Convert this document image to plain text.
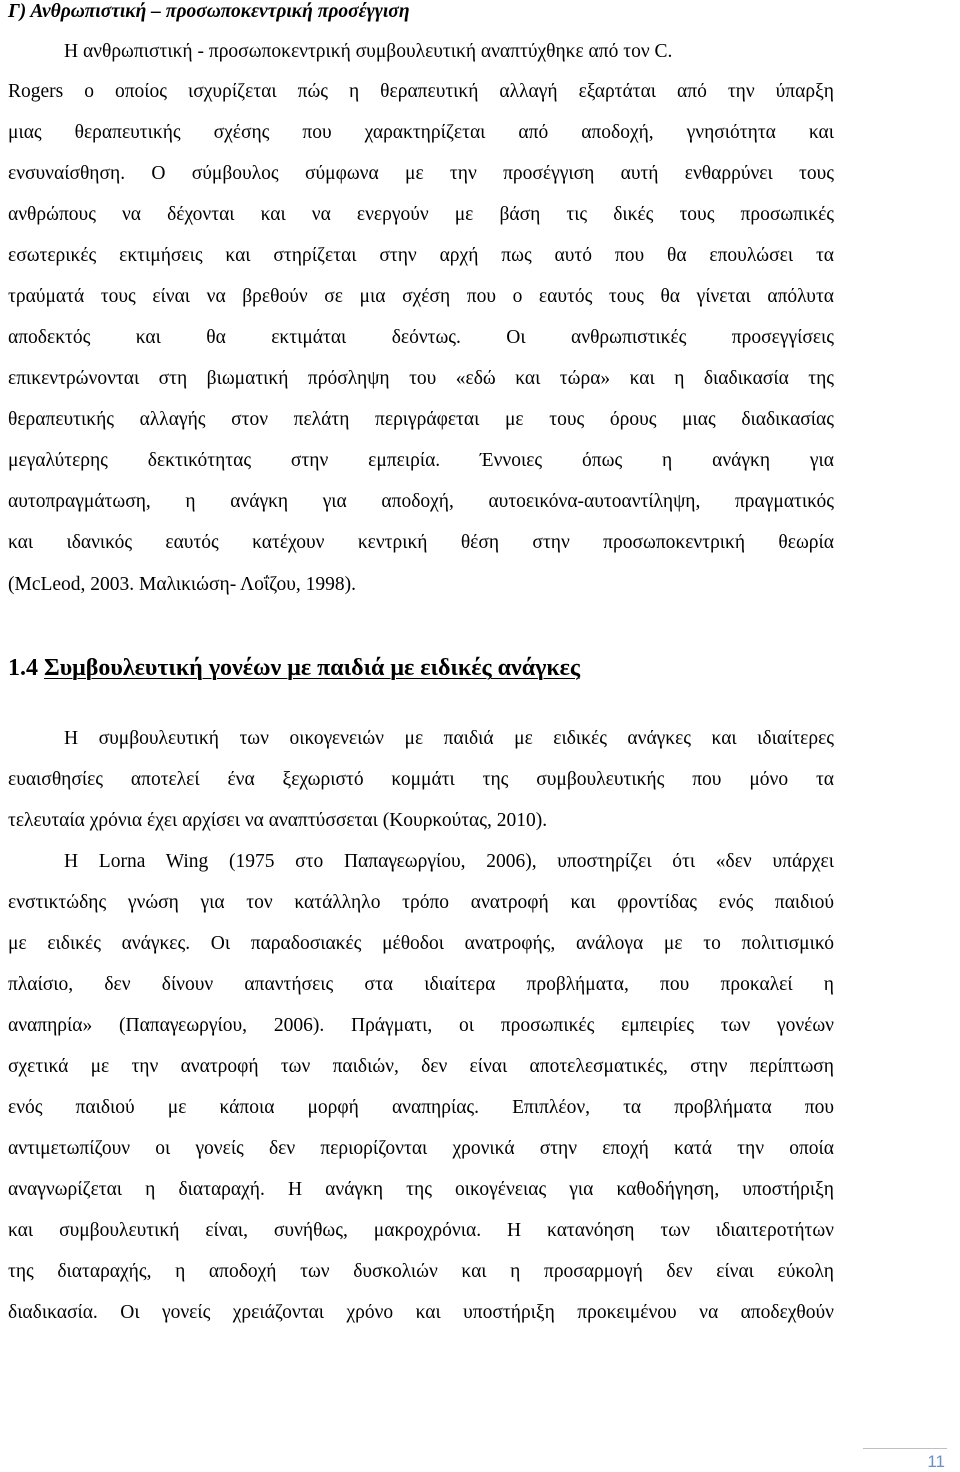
Γ) Ανθρωπιστική – προσωποκεντρική προσέγγιση
Η ανθρωπιστική - προσωποκεντρική συμβουλευτική αναπτύχθηκε από τον C.
Rogers ο οποίος ισχυρίζεται πώς η θεραπευτική αλλαγή εξαρτάται από την ύπαρξη
μιας θεραπευτικής σχέσης που χαρακτηρίζεται από αποδοχή, γνησιότητα και
ενσυναίσθηση. Ο σύμβουλος σύμφωνα με την προσέγγιση αυτή ενθαρρύνει τους
ανθρώπους να δέχονται και να ενεργούν με βάση τις δικές τους προσωπικές
εσωτερικές εκτιμήσεις και στηρίζεται στην αρχή πως αυτό που θα επουλώσει τα
τραύματά τους είναι να βρεθούν σε μια σχέση που ο εαυτός τους θα γίνεται απόλυτα
αποδεκτός και θα εκτιμάται δεόντως. Οι ανθρωπιστικές προσεγγίσεις
επικεντρώνονται στη βιωματική πρόσληψη του «εδώ και τώρα» και η διαδικασία της
θεραπευτικής αλλαγής στον πελάτη περιγράφεται με τους όρους μιας διαδικασίας
μεγαλύτερης δεκτικότητας στην εμπειρία. Έννοιες όπως η ανάγκη για
αυτοπραγμάτωση, η ανάγκη για αποδοχή, αυτοεικόνα-αυτοαντίληψη, πραγματικός
και ιδανικός εαυτός κατέχουν κεντρική θέση στην προσωποκεντρική θεωρία
(McLeod, 2003. Μαλικιώση- Λοΐζου, 1998).
1.4 Συμβουλευτική γονέων με παιδιά με ειδικές ανάγκες
Η συμβουλευτική των οικογενειών με παιδιά με ειδικές ανάγκες και ιδιαίτερες
ευαισθησίες αποτελεί ένα ξεχωριστό κομμάτι της συμβουλευτικής που μόνο τα
τελευταία χρόνια έχει αρχίσει να αναπτύσσεται (Κουρκούτας, 2010).
Η Lorna Wing (1975 στο Παπαγεωργίου, 2006), υποστηρίζει ότι «δεν υπάρχει
ενστικτώδης γνώση για τον κατάλληλο τρόπο ανατροφή και φροντίδας ενός παιδιού
με ειδικές ανάγκες. Οι παραδοσιακές μέθοδοι ανατροφής, ανάλογα με το πολιτισμικό
πλαίσιο, δεν δίνουν απαντήσεις στα ιδιαίτερα προβλήματα, που προκαλεί η
αναπηρία» (Παπαγεωργίου, 2006). Πράγματι, οι προσωπικές εμπειρίες των γονέων
σχετικά με την ανατροφή των παιδιών, δεν είναι αποτελεσματικές, στην περίπτωση
ενός παιδιού με κάποια μορφή αναπηρίας. Επιπλέον, τα προβλήματα που
αντιμετωπίζουν οι γονείς δεν περιορίζονται χρονικά στην εποχή κατά την οποία
αναγνωρίζεται η διαταραχή. Η ανάγκη της οικογένειας για καθοδήγηση, υποστήριξη
και συμβουλευτική είναι, συνήθως, μακροχρόνια. Η κατανόηση των ιδιαιτεροτήτων
της διαταραχής, η αποδοχή των δυσκολιών και η προσαρμογή δεν είναι εύκολη
διαδικασία. Οι γονείς χρειάζονται χρόνο και υποστήριξη προκειμένου να αποδεχθούν
11
